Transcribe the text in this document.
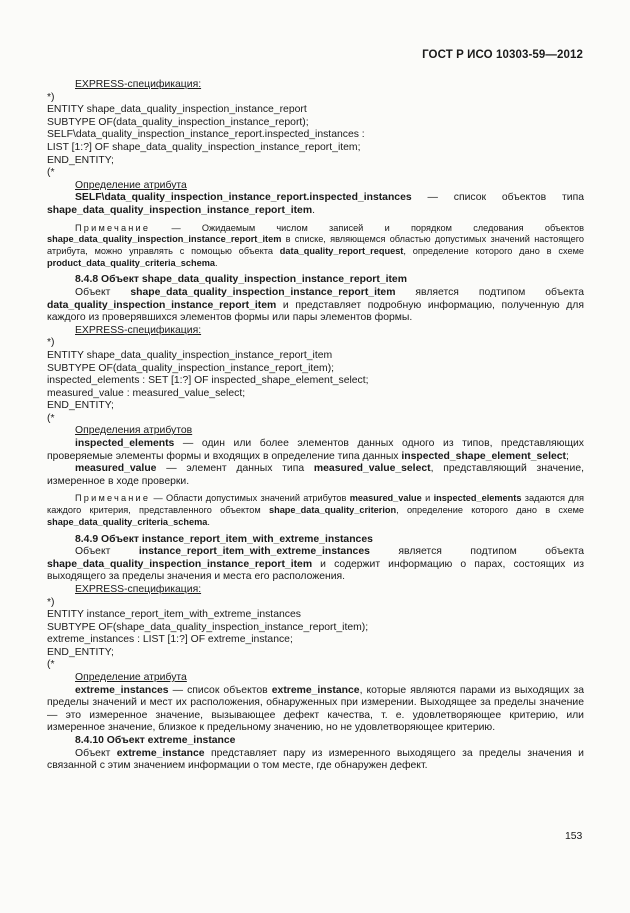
ГОСТ Р ИСО 10303-59—2012
EXPRESS-спецификация:
*)
ENTITY shape_data_quality_inspection_instance_report
SUBTYPE OF(data_quality_inspection_instance_report);
SELF\data_quality_inspection_instance_report.inspected_instances :
LIST [1:?] OF shape_data_quality_inspection_instance_report_item;
END_ENTITY;
(*
Определение атрибута
SELF\data_quality_inspection_instance_report.inspected_instances — список объектов типа shape_data_quality_inspection_instance_report_item.
Примечание — Ожидаемым числом записей и порядком следования объектов shape_data_quality_inspection_instance_report_item в списке, являющемся областью допустимых значений настоящего атрибута, можно управлять с помощью объекта data_quality_report_request, определение которого дано в схеме product_data_quality_criteria_schema.
8.4.8 Объект shape_data_quality_inspection_instance_report_item
Объект shape_data_quality_inspection_instance_report_item является подтипом объекта data_quality_inspection_instance_report_item и представляет подробную информацию, полученную для каждого из проверявшихся элементов формы или пары элементов формы.
EXPRESS-спецификация:
*)
ENTITY shape_data_quality_inspection_instance_report_item
SUBTYPE OF(data_quality_inspection_instance_report_item);
inspected_elements : SET [1:?] OF inspected_shape_element_select;
measured_value : measured_value_select;
END_ENTITY;
(*
Определения атрибутов
inspected_elements — один или более элементов данных одного из типов, представляющих проверяемые элементы формы и входящих в определение типа данных inspected_shape_element_select;
measured_value — элемент данных типа measured_value_select, представляющий значение, измеренное в ходе проверки.
Примечание — Области допустимых значений атрибутов measured_value и inspected_elements задаются для каждого критерия, представленного объектом shape_data_quality_criterion, определение которого дано в схеме shape_data_quality_criteria_schema.
8.4.9 Объект instance_report_item_with_extreme_instances
Объект instance_report_item_with_extreme_instances является подтипом объекта shape_data_quality_inspection_instance_report_item и содержит информацию о парах, состоящих из выходящего за пределы значения и места его расположения.
EXPRESS-спецификация:
*)
ENTITY instance_report_item_with_extreme_instances
SUBTYPE OF(shape_data_quality_inspection_instance_report_item);
extreme_instances : LIST [1:?] OF extreme_instance;
END_ENTITY;
(*
Определение атрибута
extreme_instances — список объектов extreme_instance, которые являются парами из выходящих за пределы значений и мест их расположения, обнаруженных при измерении. Выходящее за пределы значение — это измеренное значение, вызывающее дефект качества, т. е. удовлетворяющее критерию, или измеренное значение, близкое к предельному значению, но не удовлетворяющее критерию.
8.4.10 Объект extreme_instance
Объект extreme_instance представляет пару из измеренного выходящего за пределы значения и связанной с этим значением информации о том месте, где обнаружен дефект.
153
